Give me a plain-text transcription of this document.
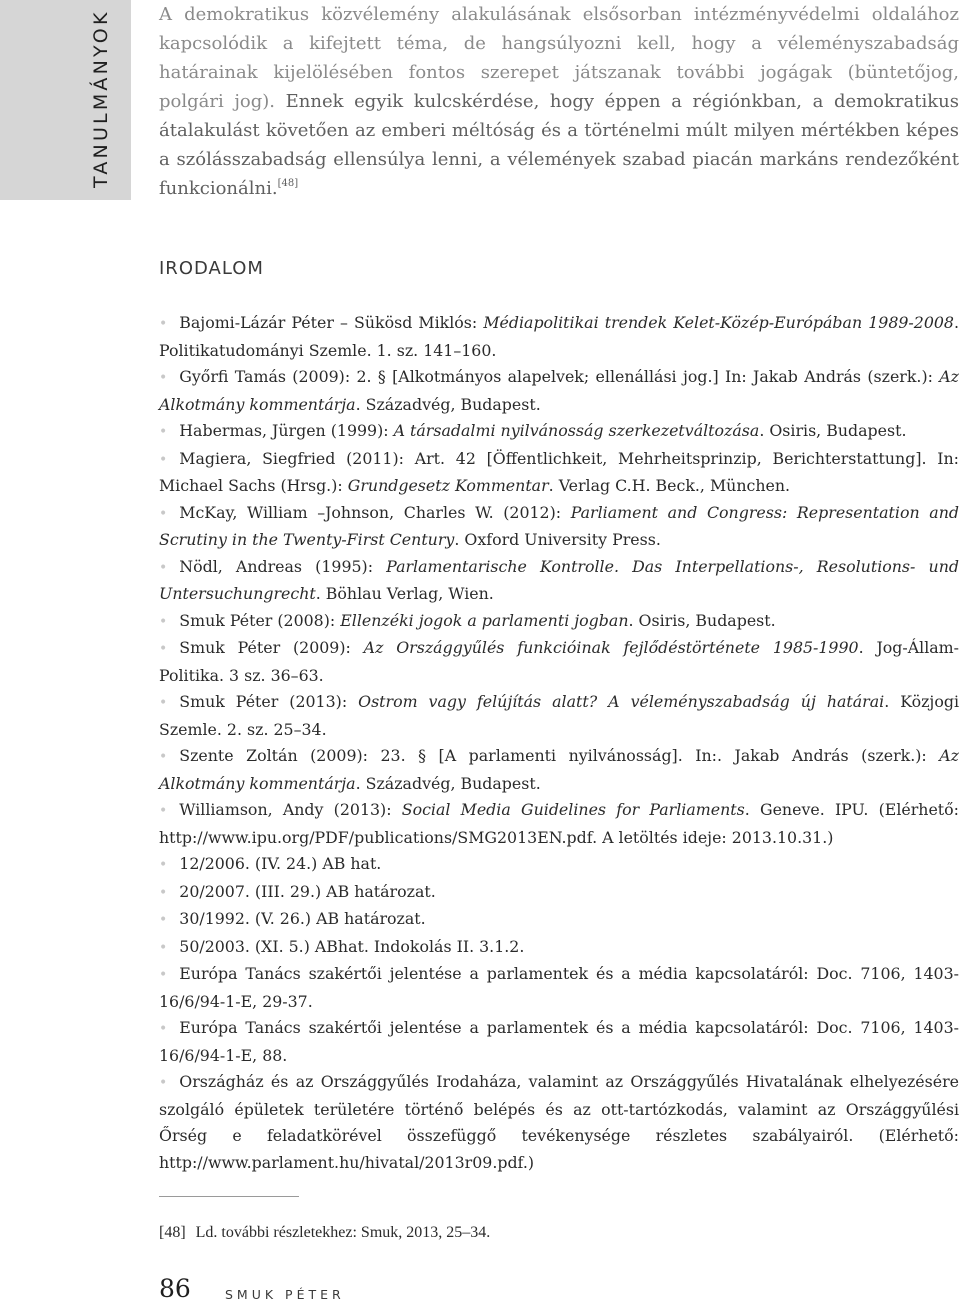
TANULMÁNYOK	A demokratikus közvélemény alakulásának elsősorban intézményvédelmi oldalához kapcsolódik a kifejtett téma, de hangsúlyozni kell, hogy a véleményszabadság határainak kijelölésében fontos szerepet játszanak további jogágak (büntetőjog, polgári jog). Ennek egyik kulcskérdése, hogy éppen a régiónkban, a demokratikus átalakulást követően az emberi méltóság és a történelmi múlt milyen mértékben képes a szólásszabadság ellensúlya lenni, a vélemények szabad piacán markáns rendezőként funkcionálni.[48]

IRODALOM
• Bajomi-Lázár Péter – Sükösd Miklós: Médiapolitikai trendek Kelet-Közép-Európában 1989-2008. Politikatudományi Szemle. 1. sz. 141–160.
• Győrfi Tamás (2009): 2. § [Alkotmányos alapelvek; ellenállási jog.] In: Jakab András (szerk.): Az Alkotmány kommentárja. Századvég, Budapest.
• Habermas, Jürgen (1999): A társadalmi nyilvánosság szerkezetváltozása. Osiris, Budapest.
• Magiera, Siegfried (2011): Art. 42 [Öffentlichkeit, Mehrheitsprinzip, Berichterstattung]. In: Michael Sachs (Hrsg.): Grundgesetz Kommentar. Verlag C.H. Beck., München.
• McKay, William –Johnson, Charles W. (2012): Parliament and Congress: Representation and Scrutiny in the Twenty-First Century. Oxford University Press.
• Nödl, Andreas (1995): Parlamentarische Kontrolle. Das Interpellations-, Resolutions- und Untersuchungrecht. Böhlau Verlag, Wien.
• Smuk Péter (2008): Ellenzéki jogok a parlamenti jogban. Osiris, Budapest.
• Smuk Péter (2009): Az Országgyűlés funkcióinak fejlődéstörténete 1985-1990. Jog-Állam-Politika. 3 sz. 36–63.
• Smuk Péter (2013): Ostrom vagy felújítás alatt? A véleményszabadság új határai. Közjogi Szemle. 2. sz. 25–34.
• Szente Zoltán (2009): 23. § [A parlamenti nyilvánosság]. In:. Jakab András (szerk.): Az Alkotmány kommentárja. Századvég, Budapest.
• Williamson, Andy (2013): Social Media Guidelines for Parliaments. Geneve. IPU. (Elérhető: http://www.ipu.org/PDF/publications/SMG2013EN.pdf. A letöltés ideje: 2013.10.31.)
• 12/2006. (IV. 24.) AB hat.
• 20/2007. (III. 29.) AB határozat.
• 30/1992. (V. 26.) AB határozat.
• 50/2003. (XI. 5.) ABhat. Indokolás II. 3.1.2.
• Európa Tanács szakértői jelentése a parlamentek és a média kapcsolatáról: Doc. 7106, 1403-16/6/94-1-E, 29-37.
• Európa Tanács szakértői jelentése a parlamentek és a média kapcsolatáról: Doc. 7106, 1403-16/6/94-1-E, 88.
• Országház és az Országgyűlés Irodaháza, valamint az Országgyűlés Hivatalának elhelyezésére szolgáló épületek területére történő belépés és az ott-tartózkodás, valamint az Országgyűlési Őrség e feladatkörével összefüggő tevékenysége részletes szabályairól. (Elérhető: http://www.parlament.hu/hivatal/2013r09.pdf.)

[48] Ld. további részletekhez: Smuk, 2013, 25–34.

86	SMUK PÉTER
